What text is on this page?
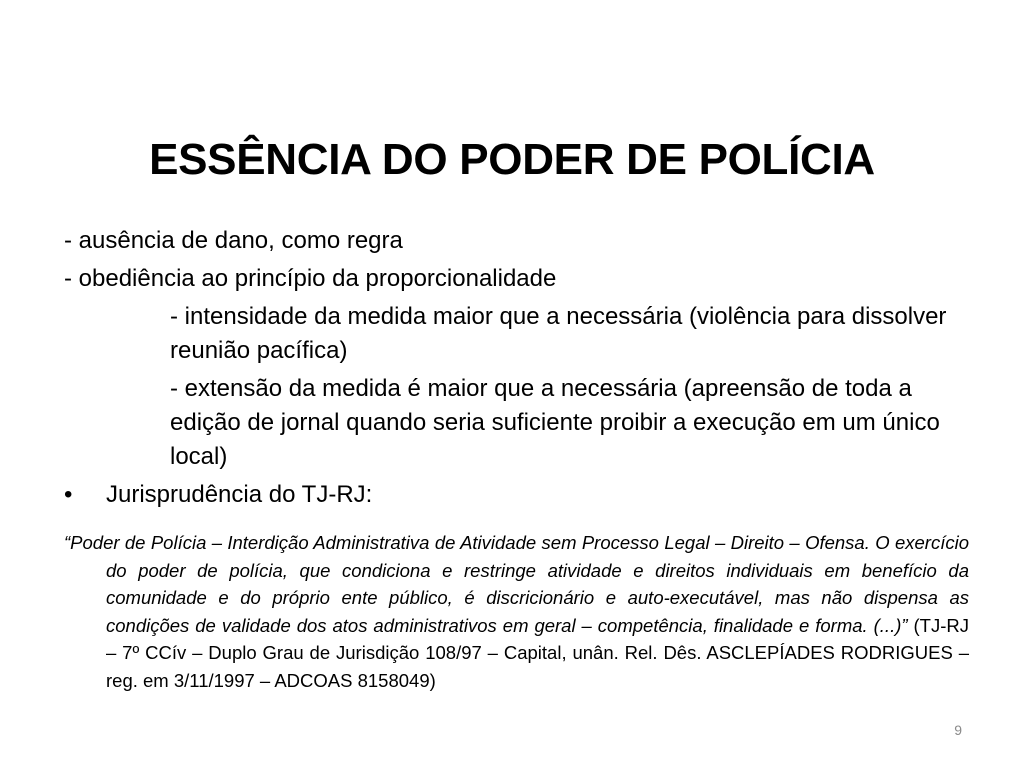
ESSÊNCIA DO PODER DE POLÍCIA

- ausência de dano, como regra

- obediência ao princípio da proporcionalidade

- intensidade da medida maior que a necessária (violência para dissolver reunião pacífica)

- extensão da medida é maior que a necessária (apreensão de toda a edição de jornal quando seria suficiente proibir a execução em um único local)

•	Jurisprudência do TJ-RJ:
“Poder de Polícia – Interdição Administrativa de Atividade sem Processo Legal – Direito – Ofensa. O exercício do poder de polícia, que condiciona e restringe atividade e direitos individuais em benefício da comunidade e do próprio ente público, é discricionário e auto-executável, mas não dispensa as condições de validade dos atos administrativos em geral – competência, finalidade e forma. (...)” (TJ-RJ – 7º CCív – Duplo Grau de Jurisdição 108/97 – Capital, unân. Rel. Dês. ASCLEPÍADES RODRIGUES – reg. em 3/11/1997 – ADCOAS 8158049)
9
